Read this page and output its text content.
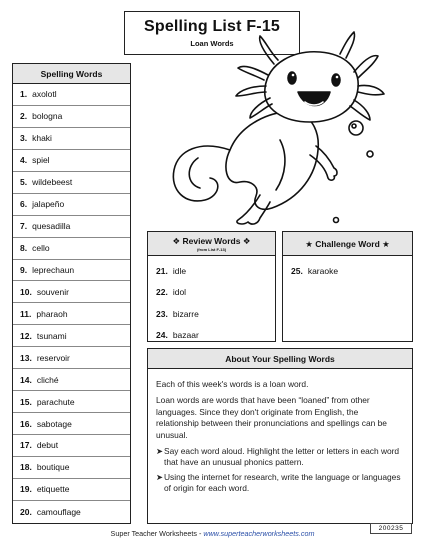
Spelling List F-15
Loan Words
Spelling Words
1. axolotl
2. bologna
3. khaki
4. spiel
5. wildebeest
6. jalapeño
7. quesadilla
8. cello
9. leprechaun
10. souvenir
11. pharaoh
12. tsunami
13. reservoir
14. cliché
15. parachute
16. sabotage
17. debut
18. boutique
19. etiquette
20. camouflage
❖ Review Words ❖
(from List F-13)
21. idle
22. idol
23. bizarre
24. bazaar
★ Challenge Word ★
25. karaoke
About Your Spelling Words

Each of this week's words is a loan word.

Loan words are words that have been “loaned” from other languages. Since they don't originate from English, the relationship between their pronunciations and spellings can be unusual.

➤ Say each word aloud. Highlight the letter or letters in each word that have an unusual phonics pattern.
➤ Using the internet for research, write the language or languages of origin for each word.
Super Teacher Worksheets - www.superteacherworksheets.com
200235
